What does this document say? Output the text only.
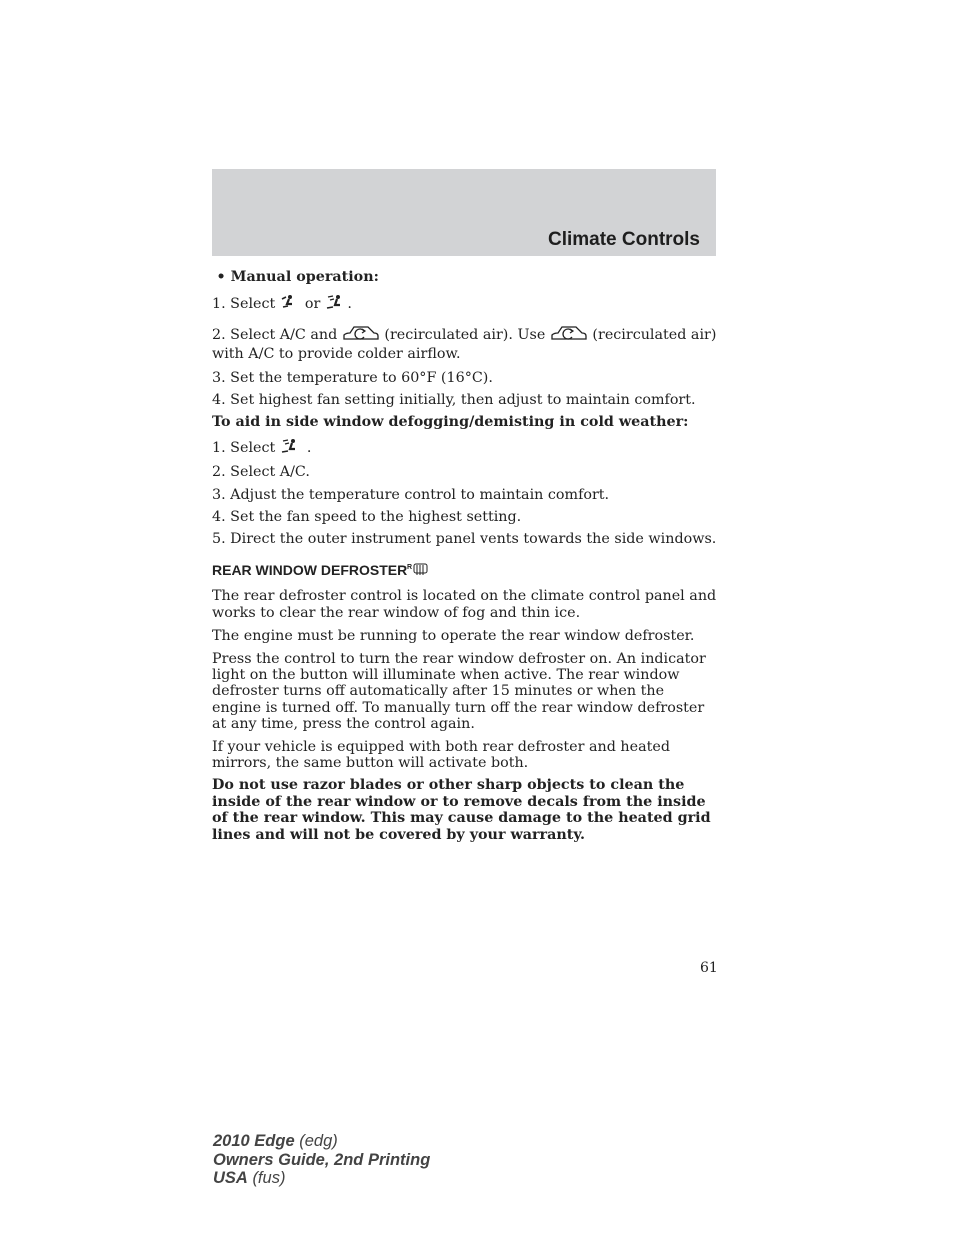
Climate Controls

• Manual operation:

1. Select or .

2. Select A/C and	(recirculated air). Use	(recirculated air)

with A/C to provide colder airflow.

3. Set the temperature to 60°F (16°C).

4. Set highest fan setting initially, then adjust to maintain comfort.

To aid in side window defogging/demisting in cold weather:

1. Select .

2. Select A/C.

3. Adjust the temperature control to maintain comfort.

4. Set the fan speed to the highest setting.

5. Direct the outer instrument panel vents towards the side windows.

REAR WINDOW DEFROSTER R

The rear defroster control is located on the climate control panel and works to clear the rear window of fog and thin ice.

The engine must be running to operate the rear window defroster.

Press the control to turn the rear window defroster on. An indicator light on the button will illuminate when active. The rear window defroster turns off automatically after 15 minutes or when the engine is turned off. To manually turn off the rear window defroster at any time, press the control again.

If your vehicle is equipped with both rear defroster and heated mirrors, the same button will activate both.

Do not use razor blades or other sharp objects to clean the inside of the rear window or to remove decals from the inside of the rear window. This may cause damage to the heated grid lines and will not be covered by your warranty.

61
2010 Edge (edg)
Owners Guide, 2nd Printing
USA (fus)
